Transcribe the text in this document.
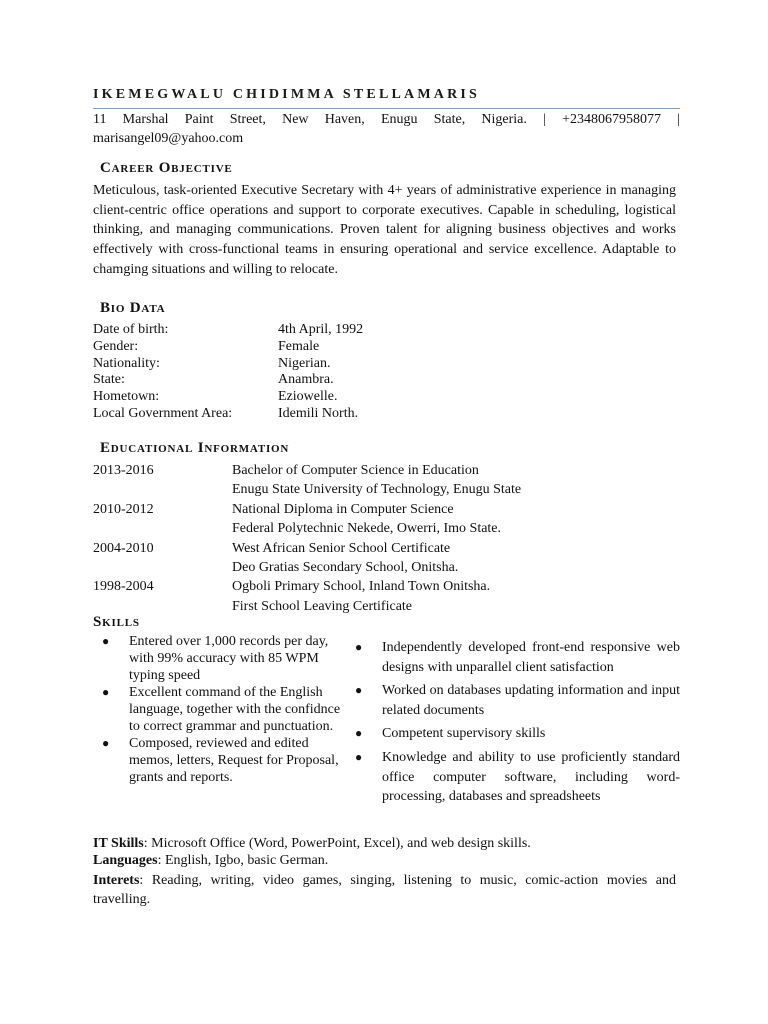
IKEMEGWALU CHIDIMMA STELLAMARIS
11 Marshal Paint Street, New Haven, Enugu State, Nigeria. | +2348067958077 | marisangel09@yahoo.com
Career Objective
Meticulous, task-oriented Executive Secretary with 4+ years of administrative experience in managing client-centric office operations and support to corporate executives. Capable in scheduling, logistical thinking, and managing communications. Proven talent for aligning business objectives and works effectively with cross-functional teams in ensuring operational and service excellence. Adaptable to chamging situations and willing to relocate.
Bio Data
Date of birth:	4th April, 1992
Gender:	Female
Nationality:	Nigerian.
State:	Anambra.
Hometown:	Eziowelle.
Local Government Area:	Idemili North.
Educational Information
2013-2016	Bachelor of Computer Science in Education
Enugu State University of Technology, Enugu State
2010-2012	National Diploma in Computer Science
Federal Polytechnic Nekede, Owerri, Imo State.
2004-2010	West African Senior School Certificate
Deo Gratias Secondary School, Onitsha.
1998-2004	Ogboli Primary School, Inland Town Onitsha.
First School Leaving Certificate
Skills
●	Entered over 1,000 records per day, with 99% accuracy with 85 WPM typing speed
●	Excellent command of the English language, together with the confidnce to correct grammar and punctuation.
●	Composed, reviewed and edited memos, letters, Request for Proposal, grants and reports.
●	Independently developed front-end responsive web designs with unparallel client satisfaction
●	Worked on databases updating information and input related documents
●	Competent supervisory skills
●	Knowledge and ability to use proficiently standard office computer software, including word-processing, databases and spreadsheets
IT Skills: Microsoft Office (Word, PowerPoint, Excel), and web design skills.
Languages: English, Igbo, basic German.
Interets: Reading, writing, video games, singing, listening to music, comic-action movies and travelling.
